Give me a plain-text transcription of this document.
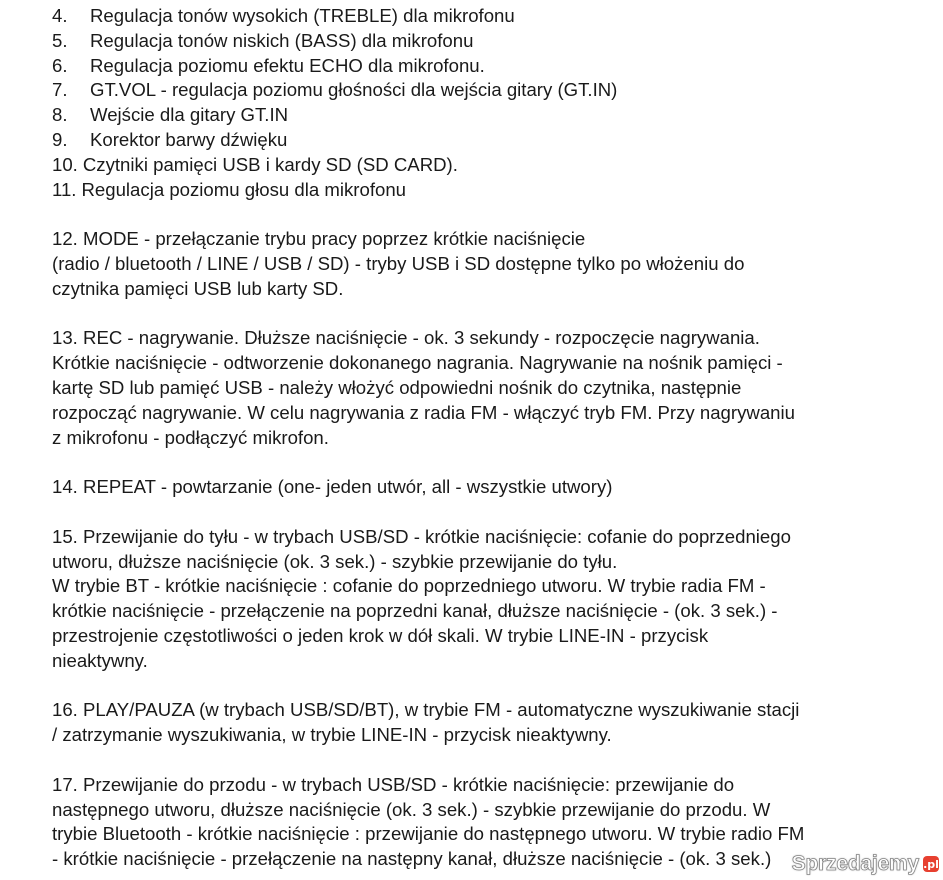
4.	Regulacja tonów wysokich (TREBLE) dla mikrofonu
5.	Regulacja tonów niskich (BASS) dla mikrofonu
6.	Regulacja poziomu efektu ECHO dla mikrofonu.
7.	GT.VOL - regulacja poziomu głośności dla wejścia gitary (GT.IN)
8.	Wejście dla gitary GT.IN
9.	Korektor barwy dźwięku
10. Czytniki pamięci USB i kardy SD (SD CARD).
11. Regulacja poziomu głosu dla mikrofonu
12. MODE - przełączanie trybu pracy poprzez krótkie naciśnięcie
(radio / bluetooth / LINE / USB / SD) - tryby USB i SD dostępne tylko po włożeniu do
czytnika pamięci USB lub karty SD.
13. REC - nagrywanie. Dłuższe naciśnięcie - ok. 3 sekundy - rozpoczęcie nagrywania.
Krótkie naciśnięcie - odtworzenie dokonanego nagrania. Nagrywanie na nośnik pamięci -
kartę SD lub pamięć USB - należy włożyć odpowiedni nośnik do czytnika, następnie
rozpocząć nagrywanie. W celu nagrywania z radia FM - włączyć tryb FM. Przy nagrywaniu
z mikrofonu - podłączyć mikrofon.
14. REPEAT - powtarzanie (one- jeden utwór, all - wszystkie utwory)
15. Przewijanie do tyłu - w trybach USB/SD - krótkie naciśnięcie: cofanie do poprzedniego
utworu, dłuższe naciśnięcie (ok. 3 sek.) - szybkie przewijanie do tyłu.
W trybie BT - krótkie naciśnięcie : cofanie do poprzedniego utworu. W trybie radia FM -
krótkie naciśnięcie - przełączenie na poprzedni kanał, dłuższe naciśnięcie - (ok. 3 sek.) -
przestrojenie częstotliwości o jeden krok w dół skali. W trybie LINE-IN - przycisk
nieaktywny.
16. PLAY/PAUZA (w trybach USB/SD/BT), w trybie FM - automatyczne wyszukiwanie stacji
/ zatrzymanie wyszukiwania, w trybie LINE-IN - przycisk nieaktywny.
17. Przewijanie do przodu - w trybach USB/SD - krótkie naciśnięcie: przewijanie do
następnego utworu, dłuższe naciśnięcie (ok. 3 sek.) - szybkie przewijanie do przodu. W
trybie Bluetooth - krótkie naciśnięcie : przewijanie do następnego utworu. W trybie radio FM
- krótkie naciśnięcie - przełączenie na następny kanał, dłuższe naciśnięcie - (ok. 3 sek.) Sprzedajemy .pl
